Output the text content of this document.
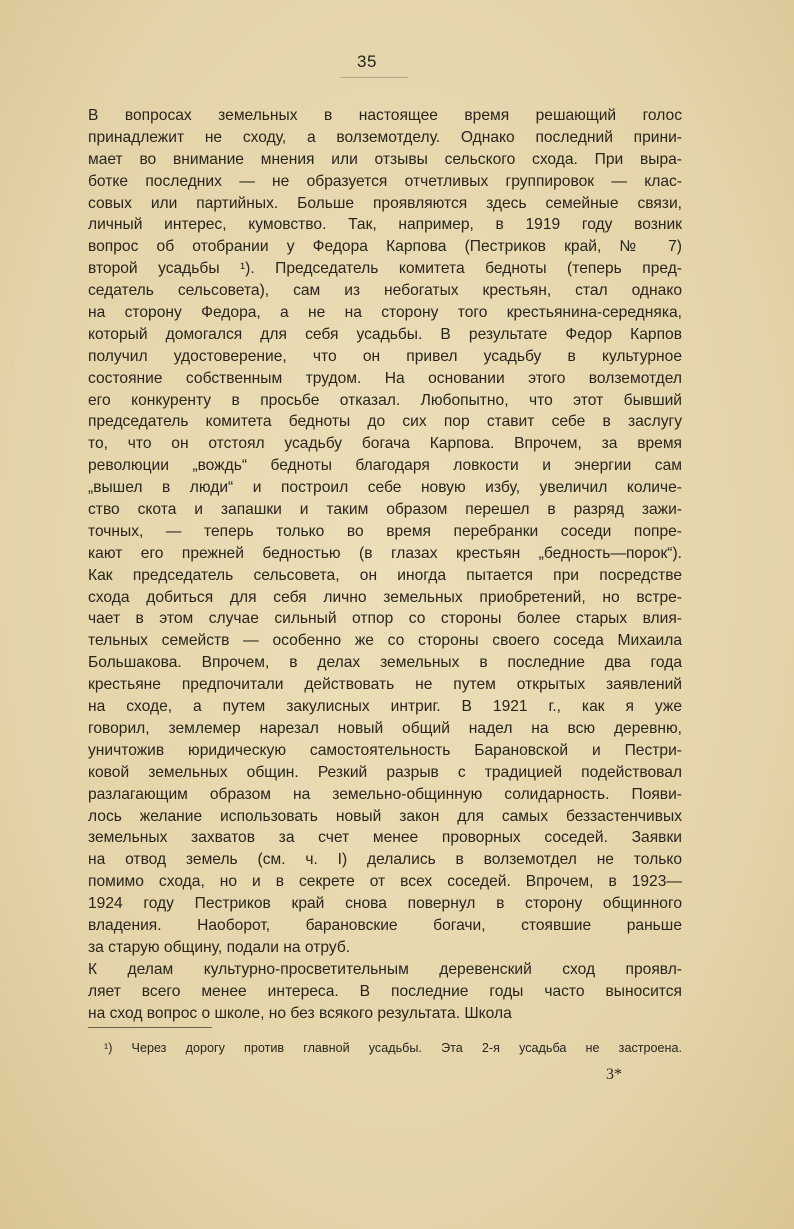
35
В вопросах земельных в настоящее время решающий голос
принадлежит не сходу, а волземотделу. Однако последний прини-
мает во внимание мнения или отзывы сельского схода. При выра-
ботке последних — не образуется отчетливых группировок — клас-
совых или партийных. Больше проявляются здесь семейные связи,
личный интерес, кумовство. Так, например, в 1919 году возник
вопрос об отобрании у Федора Карпова (Пестриков край, № 7)
второй усадьбы ¹). Председатель комитета бедноты (теперь пред-
седатель сельсовета), сам из небогатых крестьян, стал однако
на сторону Федора, а не на сторону того крестьянина-середняка,
который домогался для себя усадьбы. В результате Федор Карпов
получил удостоверение, что он привел усадьбу в культурное
состояние собственным трудом. На основании этого волземотдел
его конкуренту в просьбе отказал. Любопытно, что этот бывший
председатель комитета бедноты до сих пор ставит себе в заслугу
то, что он отстоял усадьбу богача Карпова. Впрочем, за время
революции „вождь“ бедноты благодаря ловкости и энергии сам
„вышел в люди“ и построил себе новую избу, увеличил количе-
ство скота и запашки и таким образом перешел в разряд зажи-
точных, — теперь только во время перебранки соседи попре-
кают его прежней бедностью (в глазах крестьян „бедность—порок“).
Как председатель сельсовета, он иногда пытается при посредстве
схода добиться для себя лично земельных приобретений, но встре-
чает в этом случае сильный отпор со стороны более старых влия-
тельных семейств — особенно же со стороны своего соседа Михаила
Большакова. Впрочем, в делах земельных в последние два года
крестьяне предпочитали действовать не путем открытых заявлений
на сходе, а путем закулисных интриг. В 1921 г., как я уже
говорил, землемер нарезал новый общий надел на всю деревню,
уничтожив юридическую самостоятельность Барановской и Пестри-
ковой земельных общин. Резкий разрыв с традицией подействовал
разлагающим образом на земельно-общинную солидарность. Появи-
лось желание использовать новый закон для самых беззастенчивых
земельных захватов за счет менее проворных соседей. Заявки
на отвод земель (см. ч. I) делались в волземотдел не только
помимо схода, но и в секрете от всех соседей. Впрочем, в 1923—
1924 году Пестриков край снова повернул в сторону общинного
владения. Наоборот, барановские богачи, стоявшие раньше
за старую общину, подали на отруб.
К делам культурно-просветительным деревенский сход проявл-
ляет всего менее интереса. В последние годы часто выносится
на сход вопрос о школе, но без всякого результата. Школа
¹) Через дорогу против главной усадьбы. Эта 2-я усадьба не застроена.
3*
